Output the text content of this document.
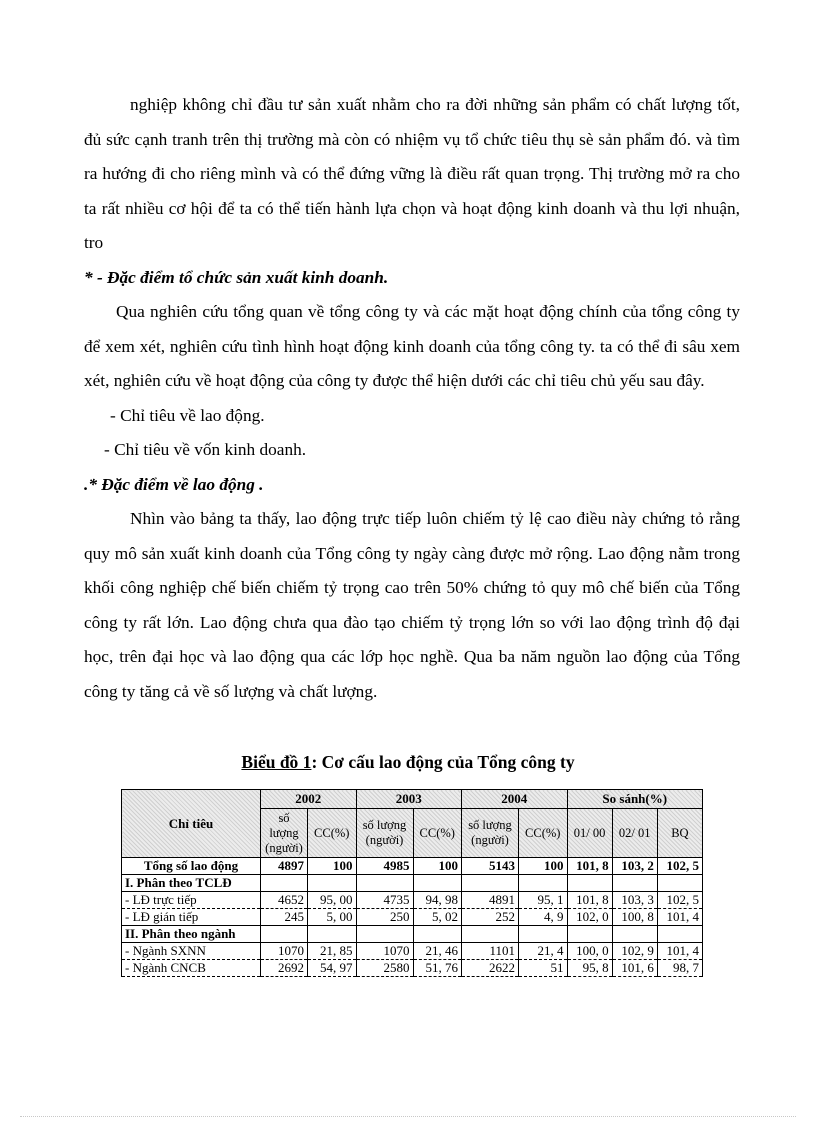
nghiệp không chỉ đầu tư sản xuất nhằm cho ra đời những sản phẩm có chất lượng tốt, đủ sức cạnh tranh trên thị trường mà còn có nhiệm vụ tổ chức tiêu thụ sè sản phẩm đó. và tìm ra hướng đi cho riêng mình và có thể đứng vững là điều rất quan trọng. Thị trường mở ra cho ta rất nhiều cơ hội để ta có thể tiến hành lựa chọn và hoạt động kinh doanh và thu lợi nhuận, tro

* - Đặc điểm tổ chức sản xuất kinh doanh.

Qua nghiên cứu tổng quan về tổng công ty và các mặt hoạt động chính của tổng công ty để xem xét, nghiên cứu tình hình hoạt động kinh doanh của tổng công ty. ta có thể đi sâu xem xét, nghiên cứu về hoạt động của công ty được thể hiện dưới các chỉ tiêu chủ yếu sau đây.

- Chỉ tiêu về lao động.

- Chỉ tiêu về vốn kinh doanh.

.* Đặc điểm về lao động .

Nhìn vào bảng ta thấy, lao động trực tiếp luôn chiếm tỷ lệ cao điều này chứng tỏ rằng quy mô sản xuất kinh doanh của Tổng công ty ngày càng được mở rộng. Lao động nằm trong khối công nghiệp chế biến chiếm tỷ trọng cao trên 50% chứng tỏ quy mô chế biến của Tổng công ty rất lớn. Lao động chưa qua đào tạo chiếm tỷ trọng lớn so với lao động trình độ đại học, trên đại học và lao động qua các lớp học nghề. Qua ba năm nguồn lao động của Tổng công ty tăng cả về số lượng và chất lượng.

Biểu đồ 1: Cơ cấu lao động của Tổng công ty
Chỉ tiêu	2002		2003		2004		So sánh(%)		
	số lượng (người)	CC(%)	số lượng (người)	CC(%)	số lượng (người)	CC(%)	01/ 00	02/ 01	BQ
Tổng số lao động	4897	100	4985	100	5143	100	101, 8	103, 2	102, 5
I. Phân theo TCLĐ									
- LĐ trực tiếp	4652	95, 00	4735	94, 98	4891	95, 1	101, 8	103, 3	102, 5
- LĐ gián tiếp	245	5, 00	250	5, 02	252	4, 9	102, 0	100, 8	101, 4
II. Phân theo ngành									
- Ngành SXNN	1070	21, 85	1070	21, 46	1101	21, 4	100, 0	102, 9	101, 4
- Ngành CNCB	2692	54, 97	2580	51, 76	2622	51	95, 8	101, 6	98, 7
